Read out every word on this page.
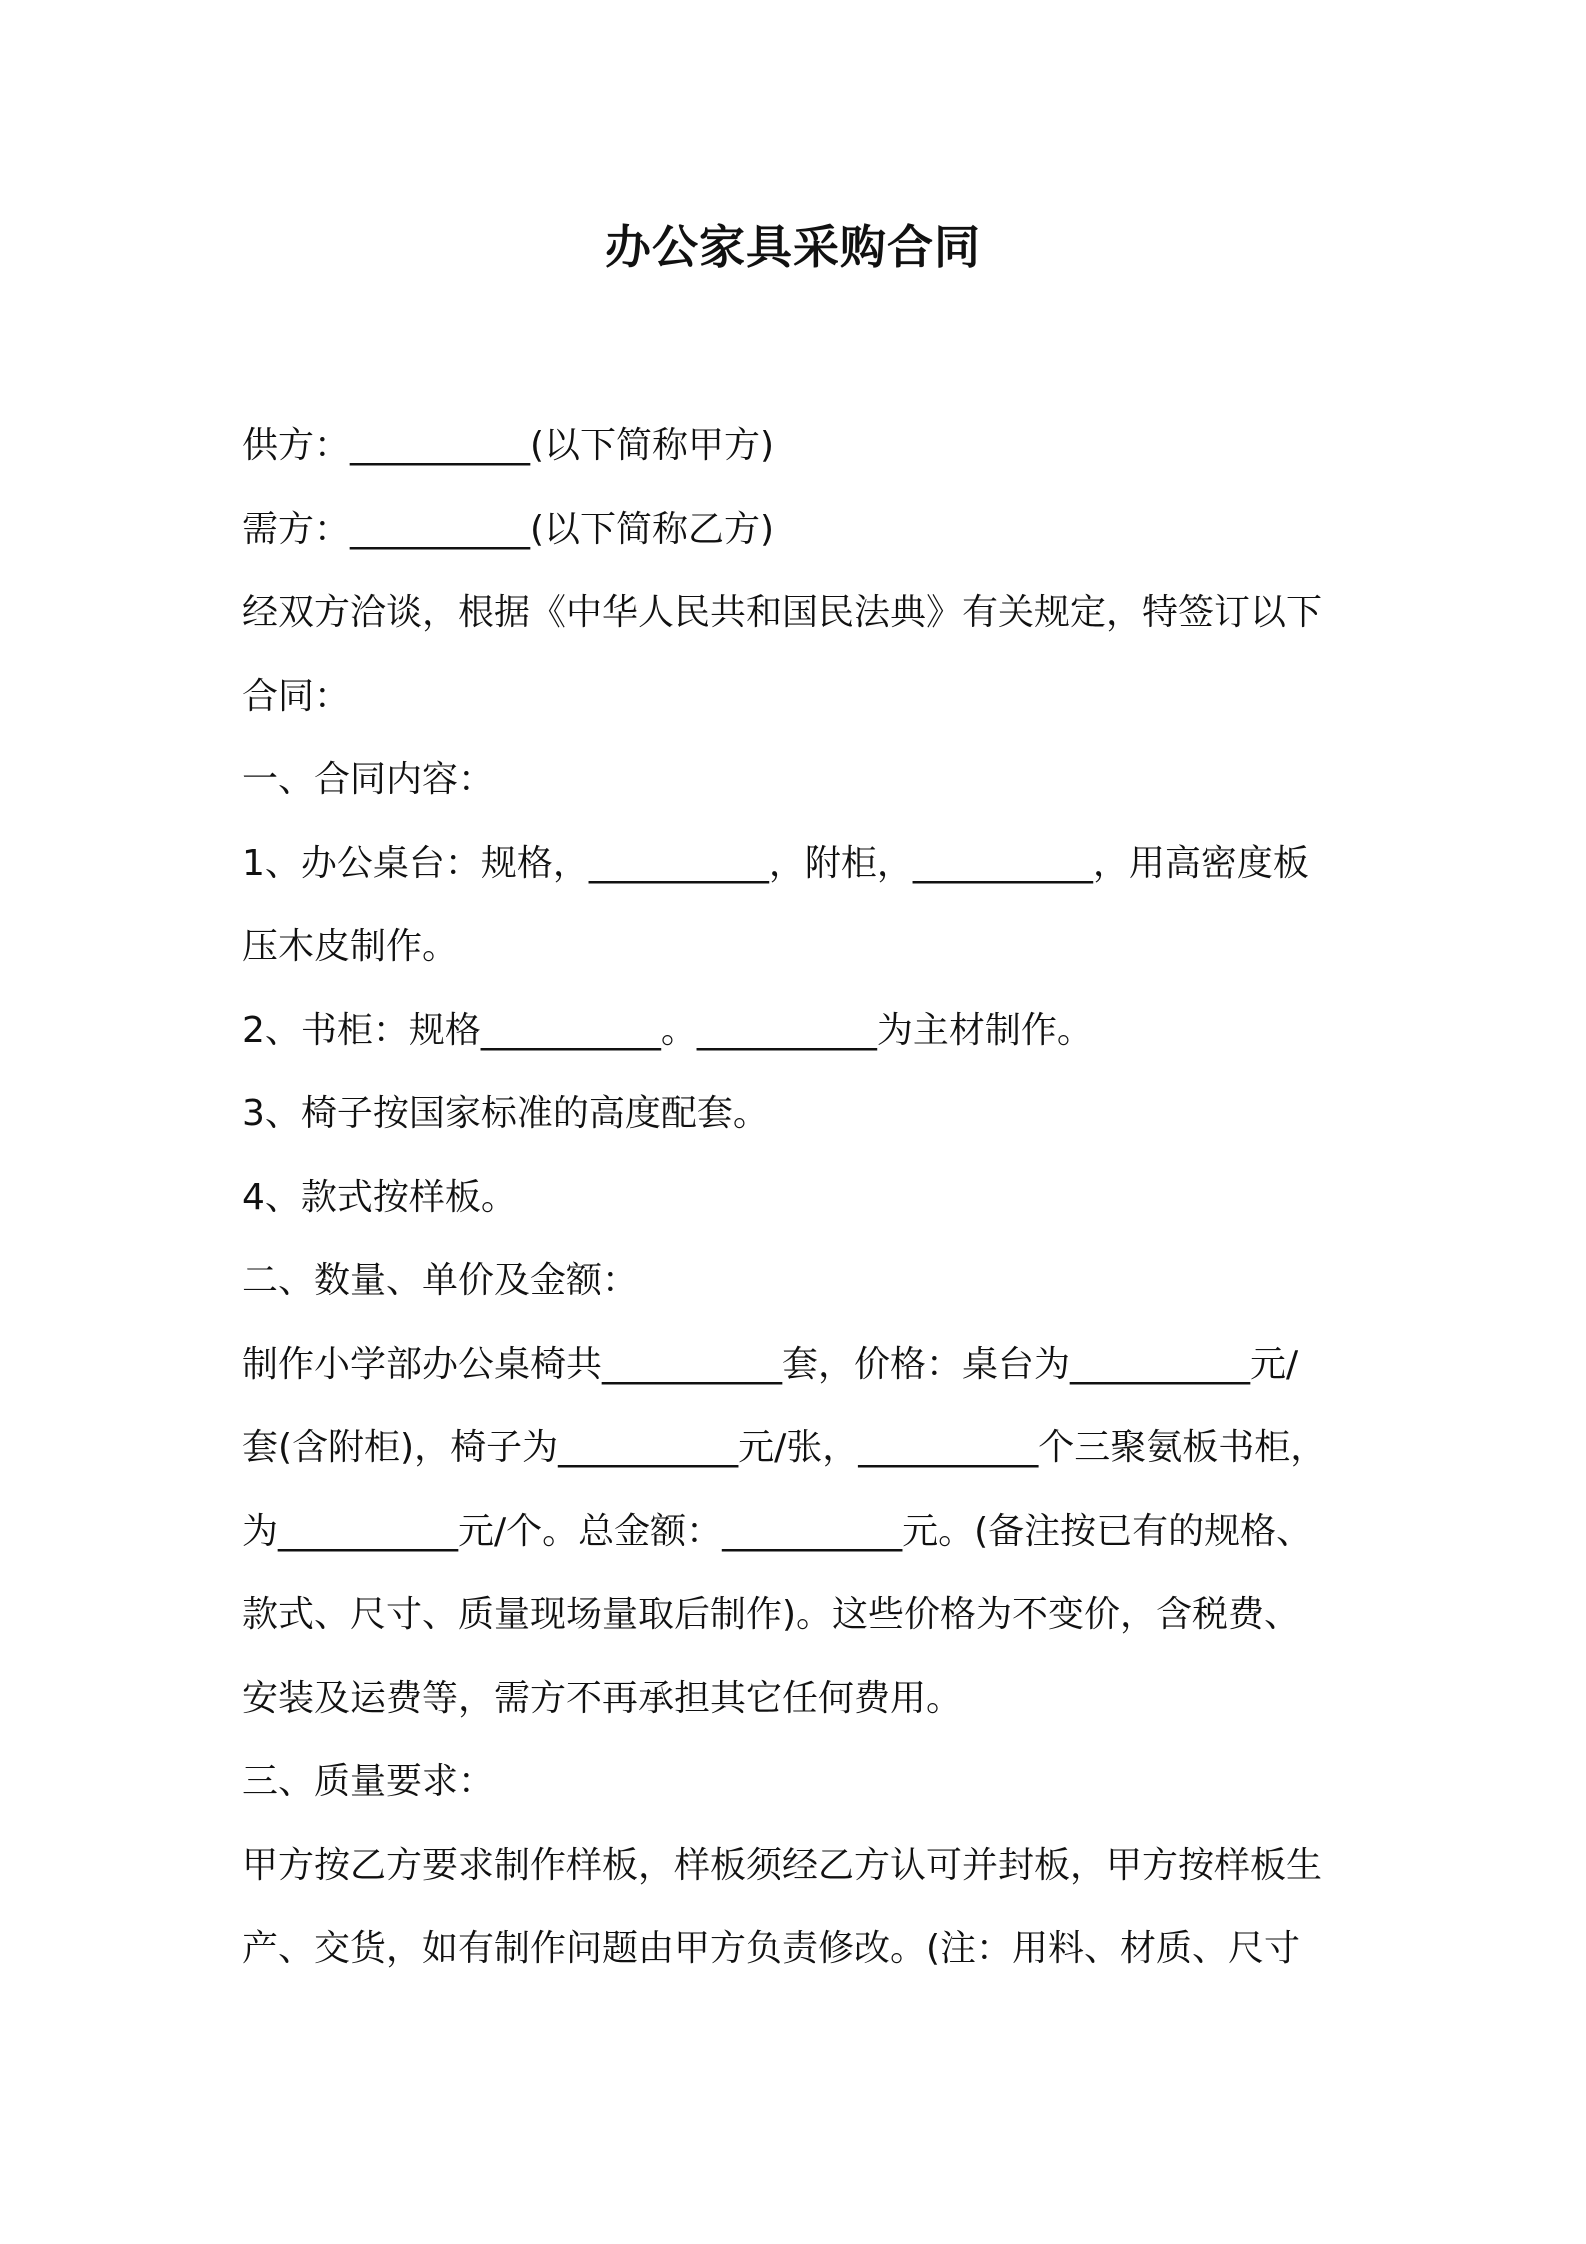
办公家具采购合同
供方：__________(以下简称甲方)
需方：__________(以下简称乙方)
经双方洽谈，根据《中华人民共和国民法典》有关规定，特签订以下
合同：
一、合同内容：
1、办公桌台：规格，__________，附柜，__________，用高密度板
压木皮制作。
2、书柜：规格__________。__________为主材制作。
3、椅子按国家标准的高度配套。
4、款式按样板。
二、数量、单价及金额：
制作小学部办公桌椅共__________套，价格：桌台为__________元/
套(含附柜)，椅子为__________元/张，__________个三聚氨板书柜，
为__________元/个。总金额：__________元。(备注按已有的规格、
款式、尺寸、质量现场量取后制作)。这些价格为不变价，含税费、
安装及运费等，需方不再承担其它任何费用。
三、质量要求：
甲方按乙方要求制作样板，样板须经乙方认可并封板，甲方按样板生
产、交货，如有制作问题由甲方负责修改。(注：用料、材质、尺寸
